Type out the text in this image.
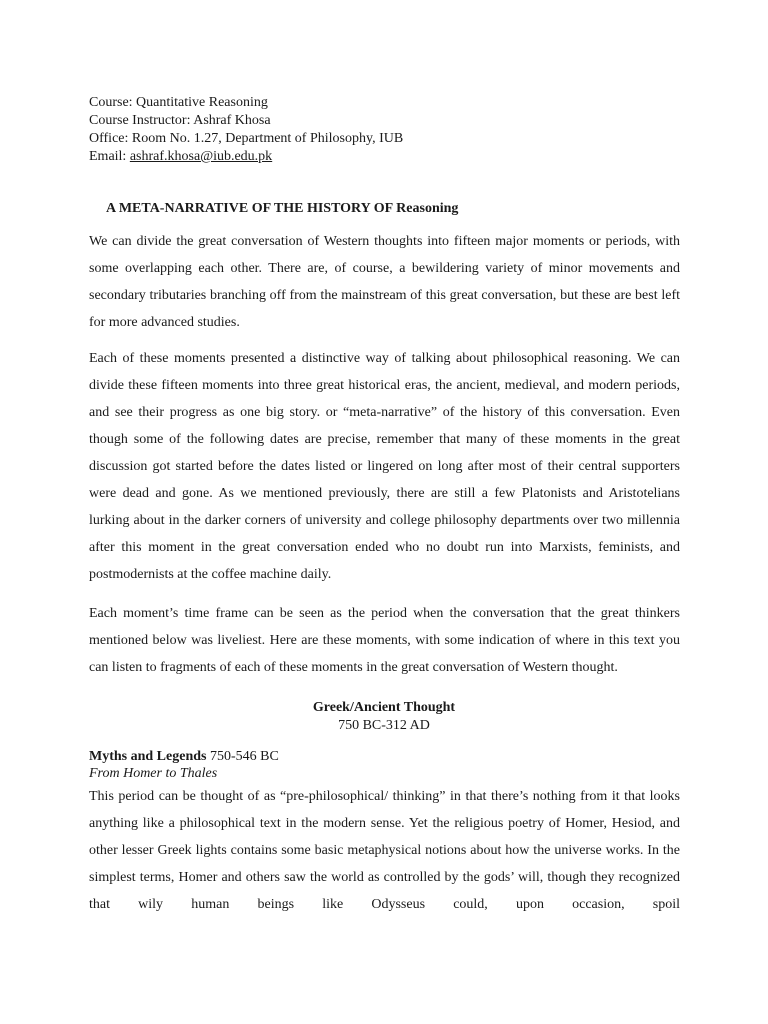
Course: Quantitative Reasoning
Course Instructor: Ashraf Khosa
Office: Room No. 1.27, Department of Philosophy, IUB
Email: ashraf.khosa@iub.edu.pk
A META-NARRATIVE OF THE HISTORY OF Reasoning

We can divide the great conversation of Western thoughts into fifteen major moments or periods, with some overlapping each other. There are, of course, a bewildering variety of minor movements and secondary tributaries branching off from the mainstream of this great conversation, but these are best left for more advanced studies.

Each of these moments presented a distinctive way of talking about philosophical reasoning. We can divide these fifteen moments into three great historical eras, the ancient, medieval, and modern periods, and see their progress as one big story. or “meta-narrative” of the history of this conversation. Even though some of the following dates are precise, remember that many of these moments in the great discussion got started before the dates listed or lingered on long after most of their central supporters were dead and gone. As we mentioned previously, there are still a few Platonists and Aristotelians lurking about in the darker corners of university and college philosophy departments over two millennia after this moment in the great conversation ended who no doubt run into Marxists, feminists, and postmodernists at the coffee machine daily.

Each moment’s time frame can be seen as the period when the conversation that the great thinkers mentioned below was liveliest. Here are these moments, with some indication of where in this text you can listen to fragments of each of these moments in the great conversation of Western thought.

Greek/Ancient Thought
750 BC-312 AD
Myths and Legends 750-546 BC
From Homer to Thales

This period can be thought of as “pre-philosophical/ thinking” in that there’s nothing from it that looks anything like a philosophical text in the modern sense. Yet the religious poetry of Homer, Hesiod, and other lesser Greek lights contains some basic metaphysical notions about how the universe works. In the simplest terms, Homer and others saw the world as controlled by the gods’ will, though they recognized that wily human beings like Odysseus could, upon occasion, spoil
